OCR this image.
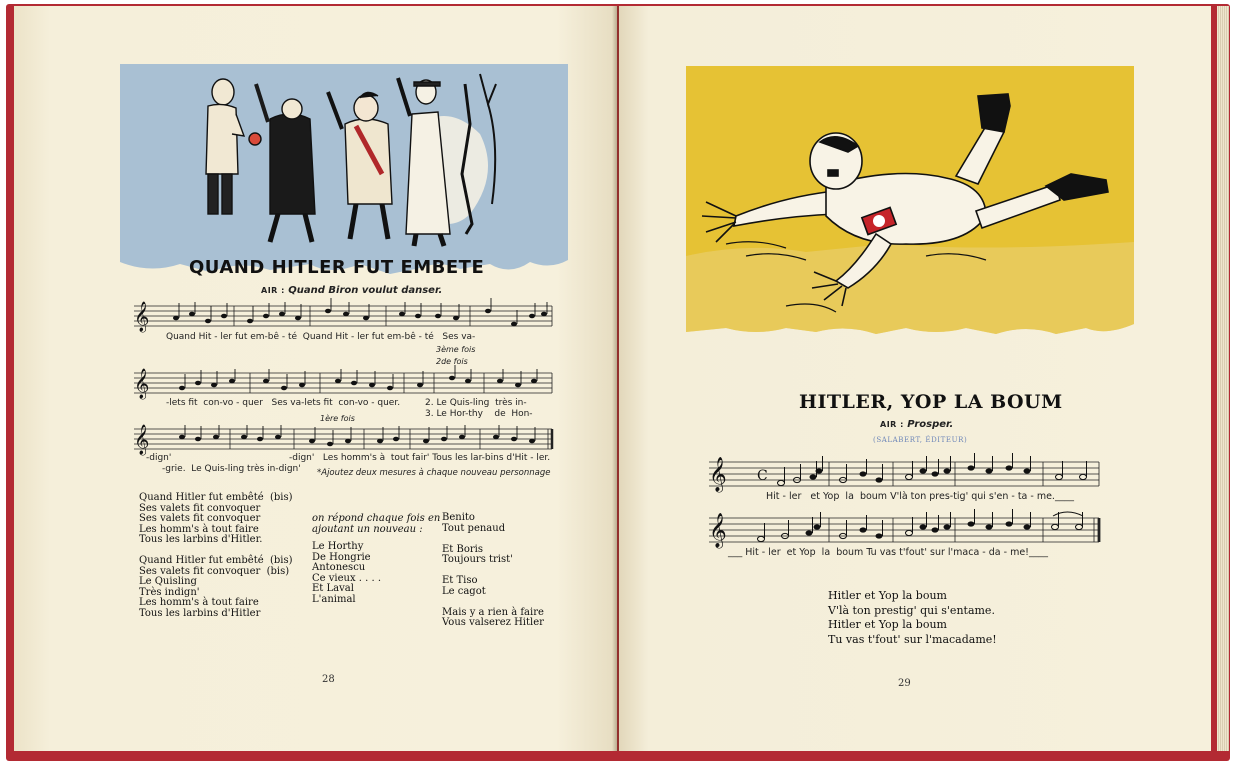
QUAND HITLER FUT EMBETE
AIR : Quand Biron voulut danser.
𝄞
Quand Hit - ler fut em-bê - té  Quand Hit - ler fut em-bê - té   Ses va-
3ème fois
2de fois
𝄞
-lets fit  con-vo - quer   Ses va-lets fit  con-vo - quer.	2. Le Quis-ling  très in-
3. Le Hor-thy    de  Hon-
1ère fois
𝄞
-dign'   Les homm's à  tout fair' Tous les lar-bins d'Hit - ler.
-dign'
-grie.  Le Quis-ling très in-dign' *Ajoutez deux mesures à chaque nouveau personnage
Quand Hitler fut embêté  (bis)
Ses valets fit convoquer
Ses valets fit convoquer
Les homm's à tout faire
Tous les larbins d'Hitler.

Quand Hitler fut embêté  (bis)
Ses valets fit convoquer  (bis)
Le Quisling
Très indign'
Les homm's à tout faire
Tous les larbins d'Hitler
on répond chaque fois en
ajoutant un nouveau :
Le Horthy
De Hongrie
Antonescu
Ce vieux . . . .
Et Laval
L'animal
Benito
Tout penaud

Et Boris
Toujours trist'

Et Tiso
Le cagot

Mais y a rien à faire
Vous valserez Hitler
28
HITLER, YOP LA BOUM
AIR : Prosper.
(SALABERT, ÉDITEUR)
𝄞 C
Hit - ler   et Yop  la  boum V'là ton pres-tig' qui s'en - ta - me.____
𝄞
___ Hit - ler  et Yop  la  boum Tu vas t'fout' sur l'maca - da - me!____
Hitler et Yop la boum
V'là ton prestig' qui s'entame.
Hitler et Yop la boum
Tu vas t'fout' sur l'macadame!
29
